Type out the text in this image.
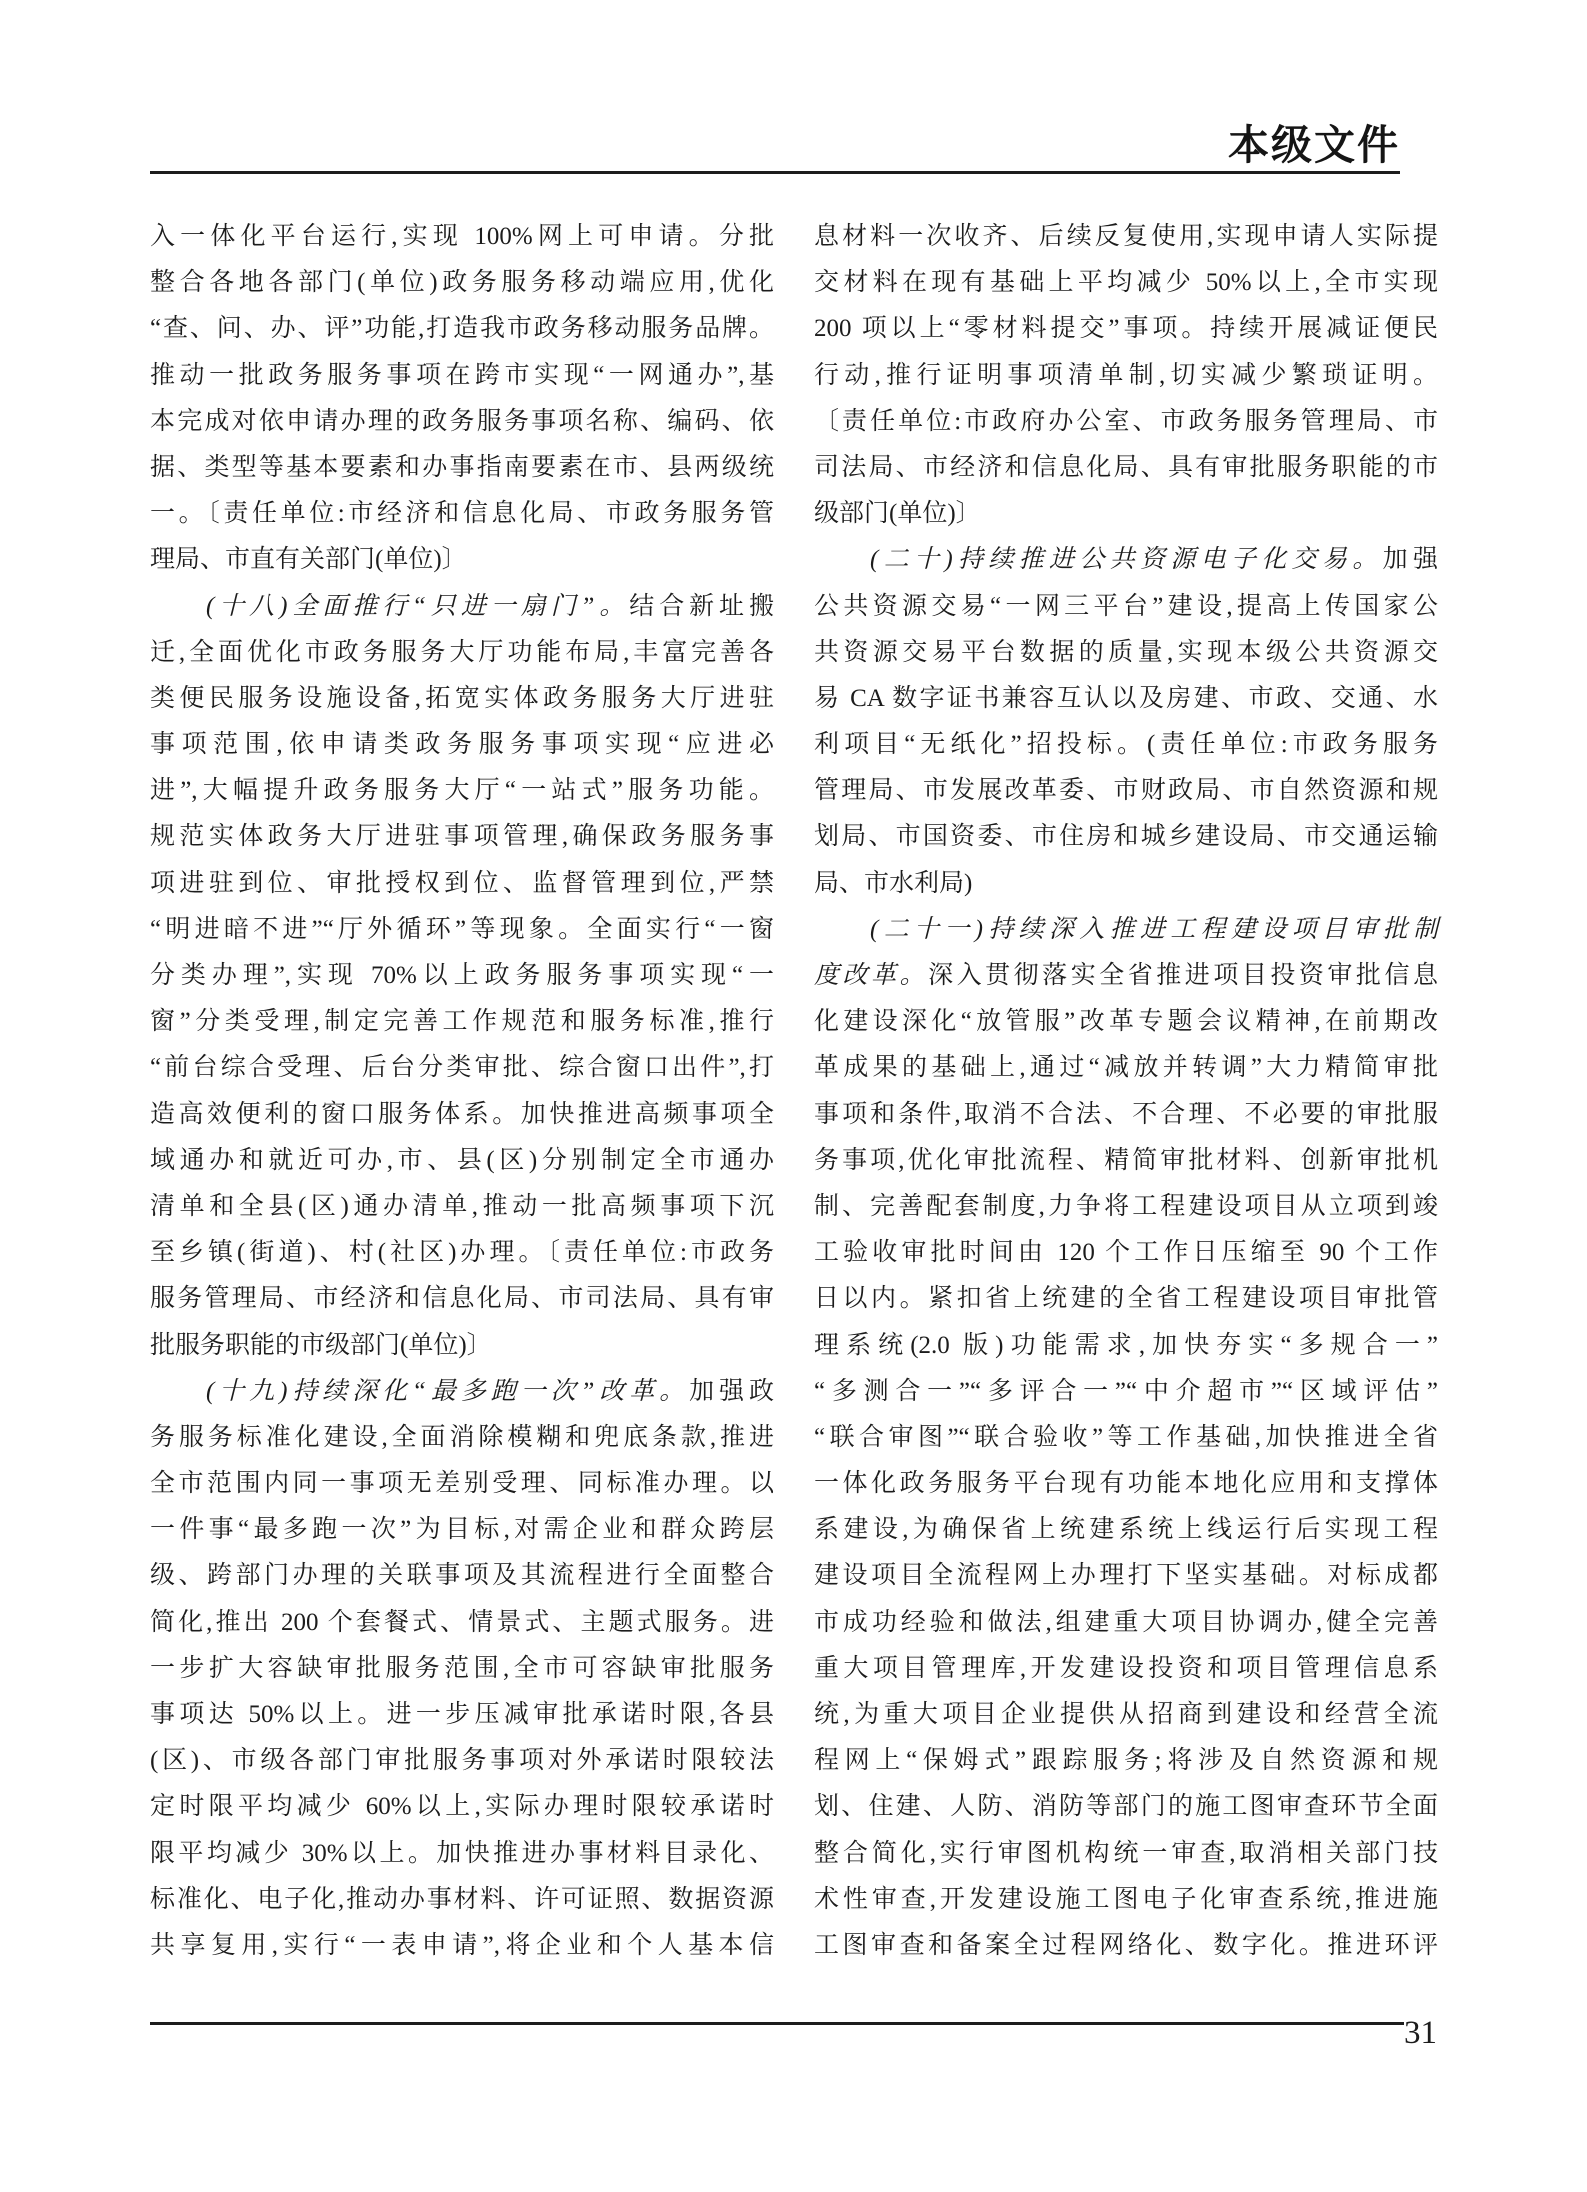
本级文件
入一体化平台运行,实现 100%网上可申请。分批
整合各地各部门(单位)政务服务移动端应用,优化
“查、问、办、评”功能,打造我市政务移动服务品牌。
推动一批政务服务事项在跨市实现“一网通办”,基
本完成对依申请办理的政务服务事项名称、编码、依
据、类型等基本要素和办事指南要素在市、县两级统
一。〔责任单位:市经济和信息化局、市政务服务管
理局、市直有关部门(单位)〕
(十八)全面推行“只进一扇门”。结合新址搬
迁,全面优化市政务服务大厅功能布局,丰富完善各
类便民服务设施设备,拓宽实体政务服务大厅进驻
事项范围,依申请类政务服务事项实现“应进必
进”,大幅提升政务服务大厅“一站式”服务功能。
规范实体政务大厅进驻事项管理,确保政务服务事
项进驻到位、审批授权到位、监督管理到位,严禁
“明进暗不进”“厅外循环”等现象。全面实行“一窗
分类办理”,实现 70%以上政务服务事项实现“一
窗”分类受理,制定完善工作规范和服务标准,推行
“前台综合受理、后台分类审批、综合窗口出件”,打
造高效便利的窗口服务体系。加快推进高频事项全
域通办和就近可办,市、县(区)分别制定全市通办
清单和全县(区)通办清单,推动一批高频事项下沉
至乡镇(街道)、村(社区)办理。〔责任单位:市政务
服务管理局、市经济和信息化局、市司法局、具有审
批服务职能的市级部门(单位)〕
(十九)持续深化“最多跑一次”改革。加强政
务服务标准化建设,全面消除模糊和兜底条款,推进
全市范围内同一事项无差别受理、同标准办理。以
一件事“最多跑一次”为目标,对需企业和群众跨层
级、跨部门办理的关联事项及其流程进行全面整合
简化,推出 200 个套餐式、情景式、主题式服务。进
一步扩大容缺审批服务范围,全市可容缺审批服务
事项达 50%以上。进一步压减审批承诺时限,各县
(区)、市级各部门审批服务事项对外承诺时限较法
定时限平均减少 60%以上,实际办理时限较承诺时
限平均减少 30%以上。加快推进办事材料目录化、
标准化、电子化,推动办事材料、许可证照、数据资源
共享复用,实行“一表申请”,将企业和个人基本信
息材料一次收齐、后续反复使用,实现申请人实际提
交材料在现有基础上平均减少 50%以上,全市实现
200 项以上“零材料提交”事项。持续开展减证便民
行动,推行证明事项清单制,切实减少繁琐证明。
〔责任单位:市政府办公室、市政务服务管理局、市
司法局、市经济和信息化局、具有审批服务职能的市
级部门(单位)〕
(二十)持续推进公共资源电子化交易。加强
公共资源交易“一网三平台”建设,提高上传国家公
共资源交易平台数据的质量,实现本级公共资源交
易 CA 数字证书兼容互认以及房建、市政、交通、水
利项目“无纸化”招投标。(责任单位:市政务服务
管理局、市发展改革委、市财政局、市自然资源和规
划局、市国资委、市住房和城乡建设局、市交通运输
局、市水利局)
(二十一)持续深入推进工程建设项目审批制
度改革。深入贯彻落实全省推进项目投资审批信息
化建设深化“放管服”改革专题会议精神,在前期改
革成果的基础上,通过“减放并转调”大力精简审批
事项和条件,取消不合法、不合理、不必要的审批服
务事项,优化审批流程、精简审批材料、创新审批机
制、完善配套制度,力争将工程建设项目从立项到竣
工验收审批时间由 120 个工作日压缩至 90 个工作
日以内。紧扣省上统建的全省工程建设项目审批管
理系统(2.0 版)功能需求,加快夯实“多规合一”
“多测合一”“多评合一”“中介超市”“区域评估”
“联合审图”“联合验收”等工作基础,加快推进全省
一体化政务服务平台现有功能本地化应用和支撑体
系建设,为确保省上统建系统上线运行后实现工程
建设项目全流程网上办理打下坚实基础。对标成都
市成功经验和做法,组建重大项目协调办,健全完善
重大项目管理库,开发建设投资和项目管理信息系
统,为重大项目企业提供从招商到建设和经营全流
程网上“保姆式”跟踪服务;将涉及自然资源和规
划、住建、人防、消防等部门的施工图审查环节全面
整合简化,实行审图机构统一审查,取消相关部门技
术性审查,开发建设施工图电子化审查系统,推进施
工图审查和备案全过程网络化、数字化。推进环评
31
